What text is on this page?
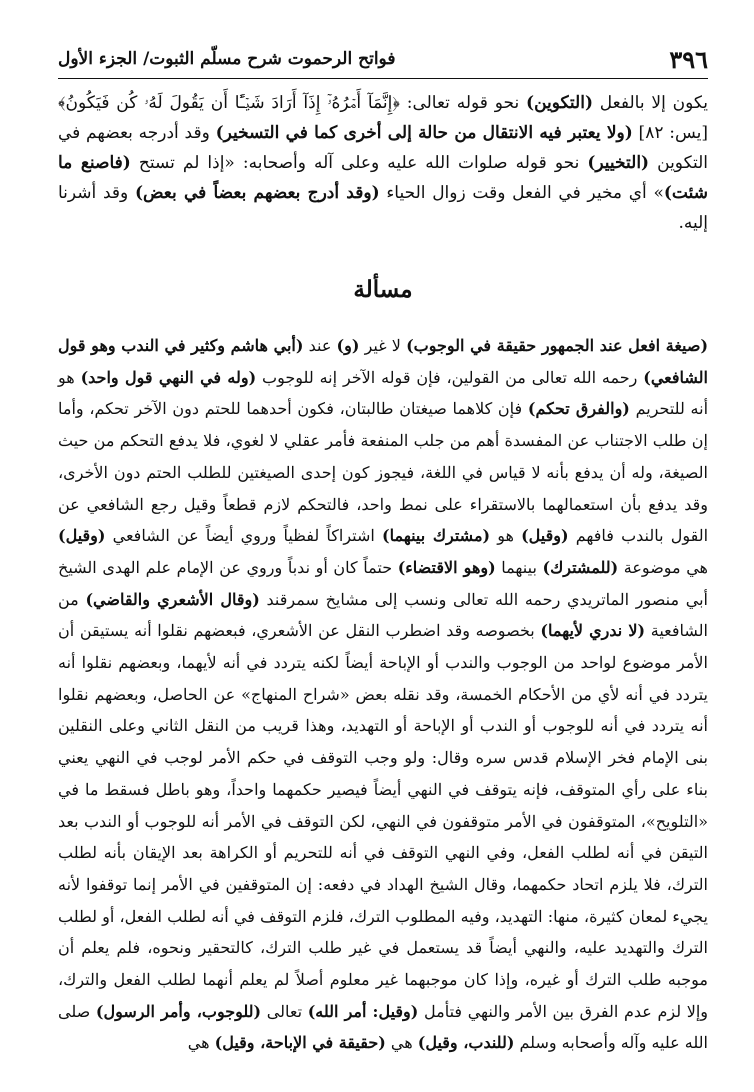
٣٩٦
فواتح الرحموت شرح مسلّم الثبوت/ الجزء الأول

يكون إلا بالفعل (التكوين) نحو قوله تعالى: ﴿إِنَّمَآ أَمۡرُهُۥٓ إِذَآ أَرَادَ شَيۡـًٔا أَن يَقُولَ لَهُۥ كُن فَيَكُونُ﴾ [يس: ٨٢] (ولا يعتبر فيه الانتقال من حالة إلى أخرى كما في التسخير) وقد أدرجه بعضهم في التكوين (التخيير) نحو قوله صلوات الله عليه وعلى آله وأصحابه: «إذا لم تستح (فاصنع ما شئت)» أي مخير في الفعل وقت زوال الحياء (وقد أدرج بعضهم بعضاً في بعض) وقد أشرنا إليه.

مسألة

(صيغة افعل عند الجمهور حقيقة في الوجوب) لا غير (و) عند (أبي هاشم وكثير في الندب وهو قول الشافعي) رحمه الله تعالى من القولين، فإن قوله الآخر إنه للوجوب (وله في النهي قول واحد) هو أنه للتحريم (والفرق تحكم) فإن كلاهما صيغتان طالبتان، فكون أحدهما للحتم دون الآخر تحكم، وأما إن طلب الاجتناب عن المفسدة أهم من جلب المنفعة فأمر عقلي لا لغوي، فلا يدفع التحكم من حيث الصيغة، وله أن يدفع بأنه لا قياس في اللغة، فيجوز كون إحدى الصيغتين للطلب الحتم دون الأخرى، وقد يدفع بأن استعمالهما بالاستقراء على نمط واحد، فالتحكم لازم قطعاً وقيل رجع الشافعي عن القول بالندب فافهم (وقيل) هو (مشترك بينهما) اشتراكاً لفظياً وروي أيضاً عن الشافعي (وقيل) هي موضوعة (للمشترك) بينهما (وهو الاقتضاء) حتماً كان أو ندباً وروي عن الإمام علم الهدى الشيخ أبي منصور الماتريدي رحمه الله تعالى ونسب إلى مشايخ سمرقند (وقال الأشعري والقاضي) من الشافعية (لا ندري لأيهما) بخصوصه وقد اضطرب النقل عن الأشعري، فبعضهم نقلوا أنه يستيقن أن الأمر موضوع لواحد من الوجوب والندب أو الإباحة أيضاً لكنه يتردد في أنه لأيهما، وبعضهم نقلوا أنه يتردد في أنه لأي من الأحكام الخمسة، وقد نقله بعض «شراح المنهاج» عن الحاصل، وبعضهم نقلوا أنه يتردد في أنه للوجوب أو الندب أو الإباحة أو التهديد، وهذا قريب من النقل الثاني وعلى النقلين بنى الإمام فخر الإسلام قدس سره وقال: ولو وجب التوقف في حكم الأمر لوجب في النهي يعني بناء على رأي المتوقف، فإنه يتوقف في النهي أيضاً فيصير حكمهما واحداً، وهو باطل فسقط ما في «التلويح»، المتوقفون في الأمر متوقفون في النهي، لكن التوقف في الأمر أنه للوجوب أو الندب بعد التيقن في أنه لطلب الفعل، وفي النهي التوقف في أنه للتحريم أو الكراهة بعد الإيقان بأنه لطلب الترك، فلا يلزم اتحاد حكمهما، وقال الشيخ الهداد في دفعه: إن المتوقفين في الأمر إنما توقفوا لأنه يجيء لمعان كثيرة، منها: التهديد، وفيه المطلوب الترك، فلزم التوقف في أنه لطلب الفعل، أو لطلب الترك والتهديد عليه، والنهي أيضاً قد يستعمل في غير طلب الترك، كالتحقير ونحوه، فلم يعلم أن موجبه طلب الترك أو غيره، وإذا كان موجبهما غير معلوم أصلاً لم يعلم أنهما لطلب الفعل والترك، وإلا لزم عدم الفرق بين الأمر والنهي فتأمل (وقيل: أمر الله) تعالى (للوجوب، وأمر الرسول) صلى الله عليه وآله وأصحابه وسلم (للندب، وقيل) هي (حقيقة في الإباحة، وقيل) هي
